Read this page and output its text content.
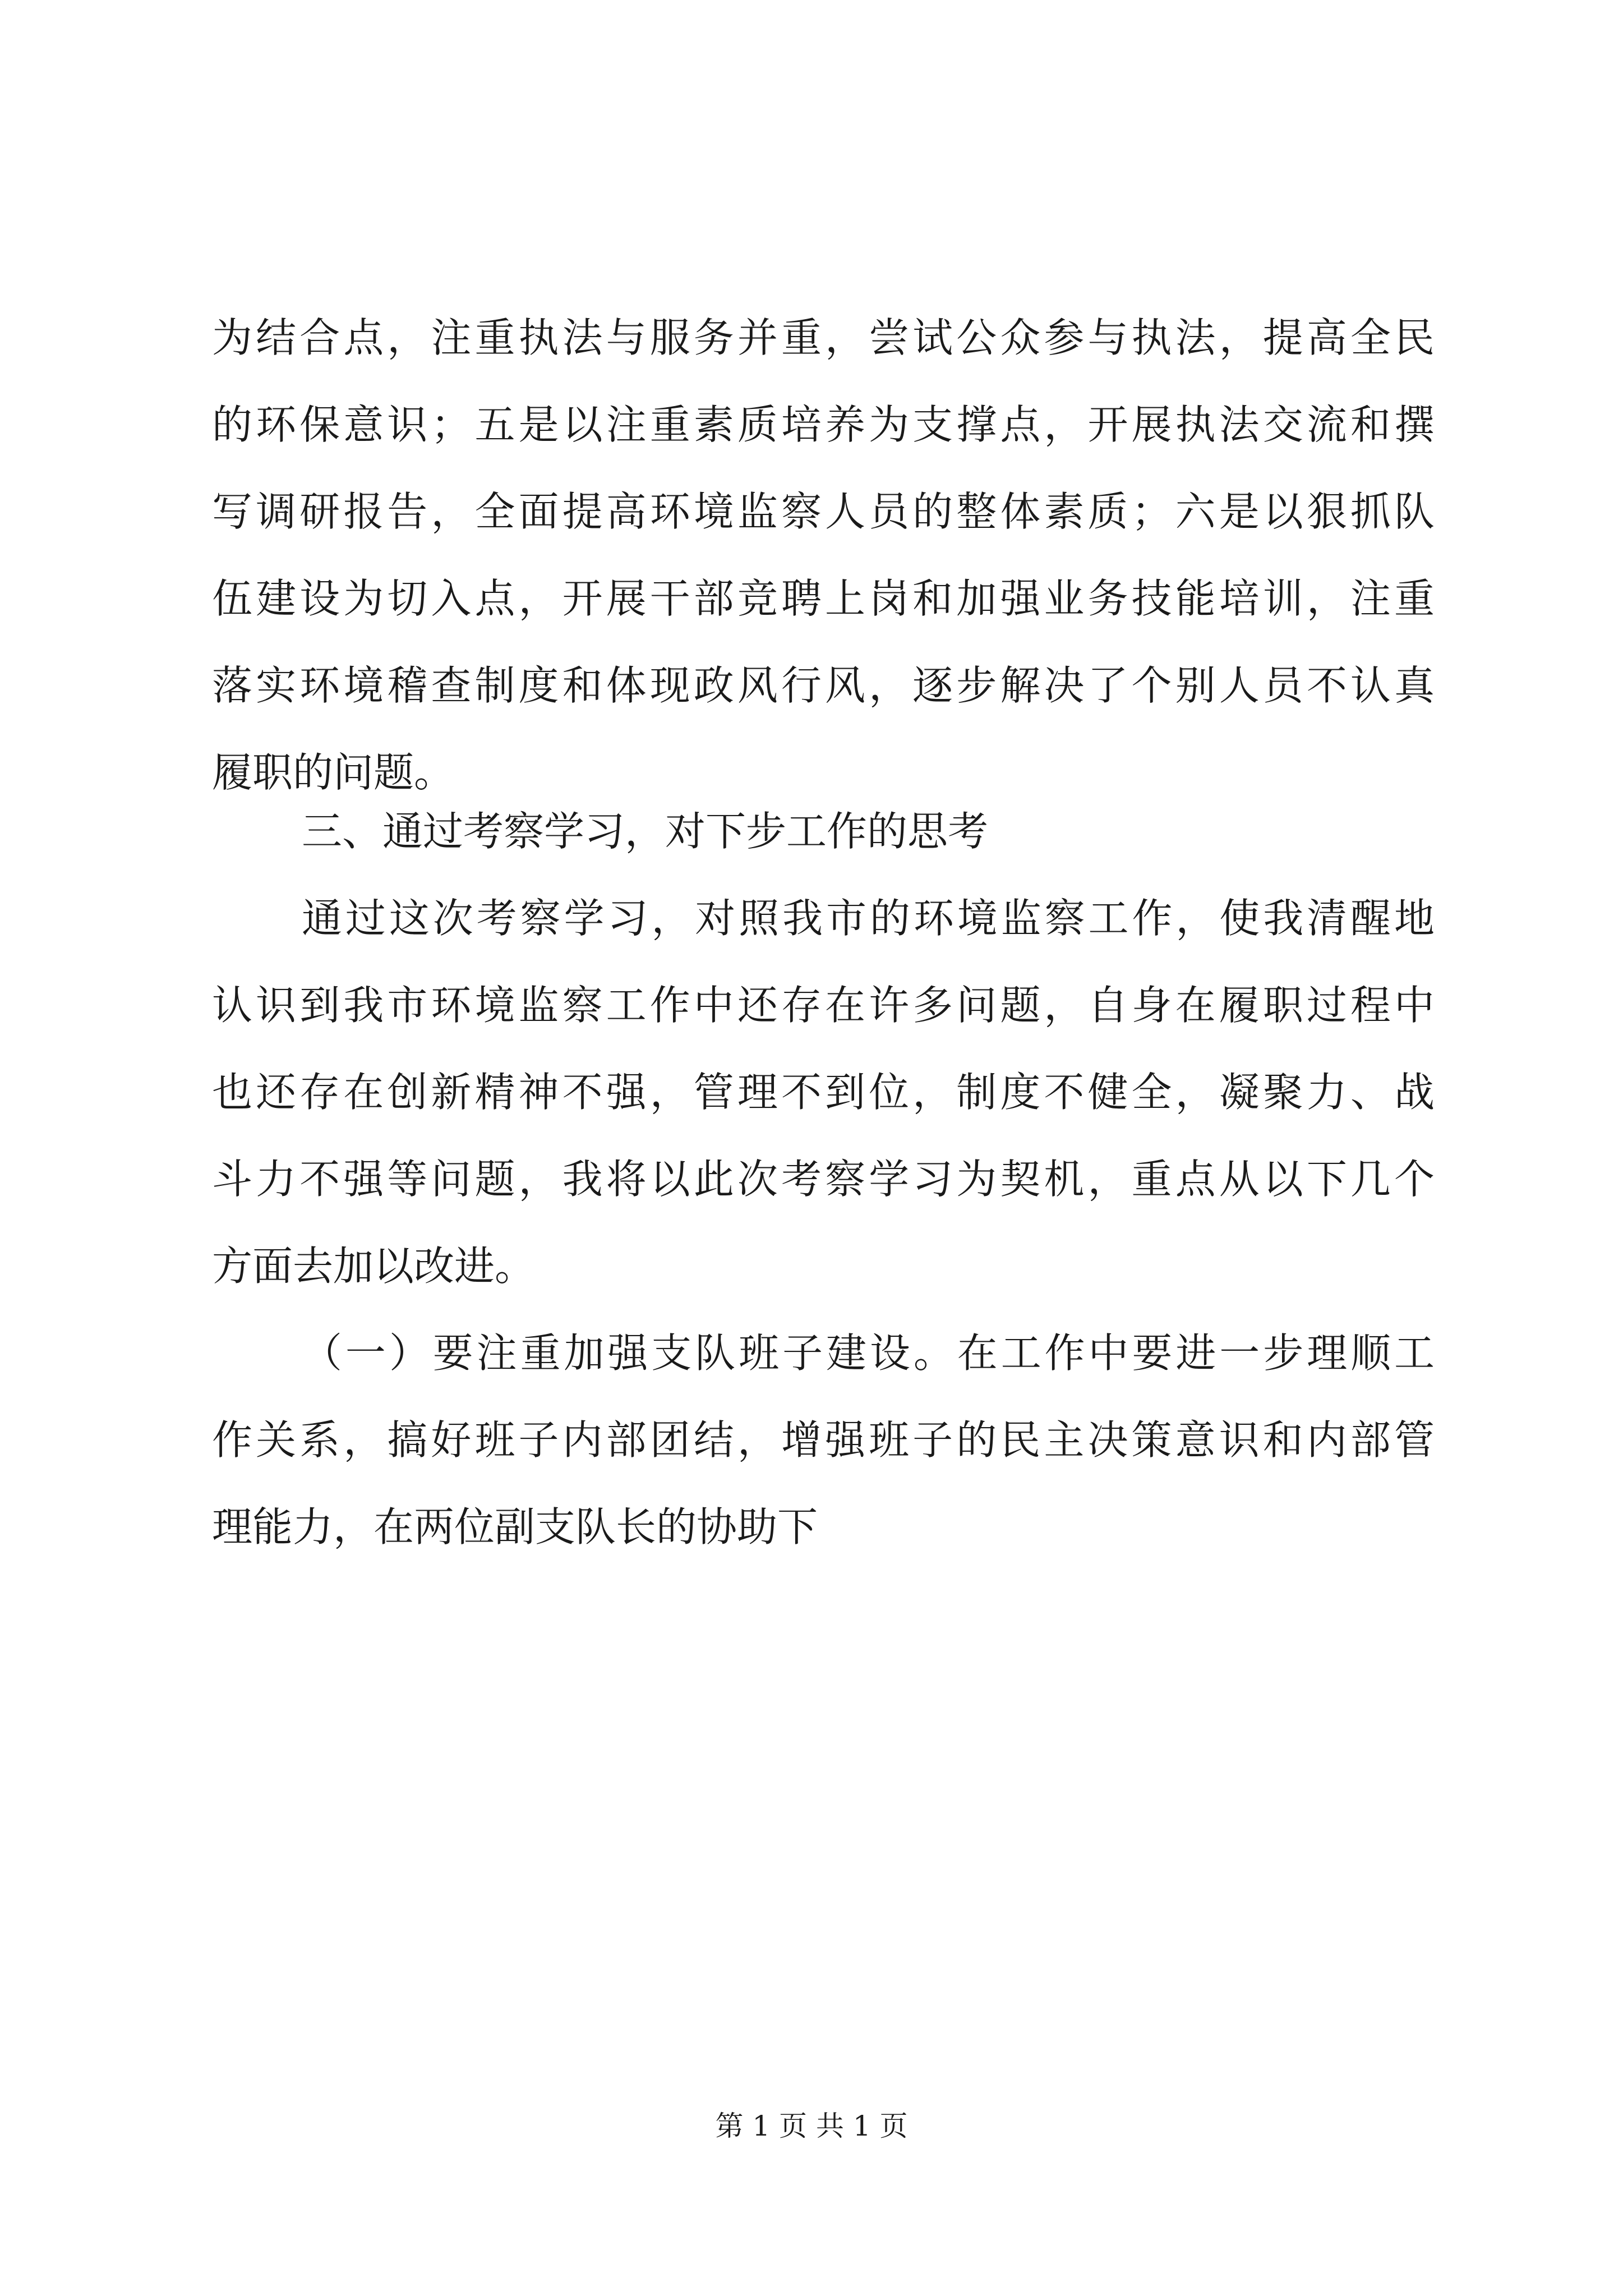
为结合点，注重执法与服务并重，尝试公众参与执法，提高全民
的环保意识；五是以注重素质培养为支撑点，开展执法交流和撰
写调研报告，全面提高环境监察人员的整体素质；六是以狠抓队
伍建设为切入点，开展干部竞聘上岗和加强业务技能培训，注重
落实环境稽查制度和体现政风行风，逐步解决了个别人员不认真
履职的问题。
三、通过考察学习，对下步工作的思考
通过这次考察学习，对照我市的环境监察工作，使我清醒地
认识到我市环境监察工作中还存在许多问题，自身在履职过程中
也还存在创新精神不强，管理不到位，制度不健全，凝聚力、战
斗力不强等问题，我将以此次考察学习为契机，重点从以下几个
方面去加以改进。
（一）要注重加强支队班子建设。在工作中要进一步理顺工
作关系，搞好班子内部团结，增强班子的民主决策意识和内部管
理能力，在两位副支队长的协助下
第 1 页 共 1 页
